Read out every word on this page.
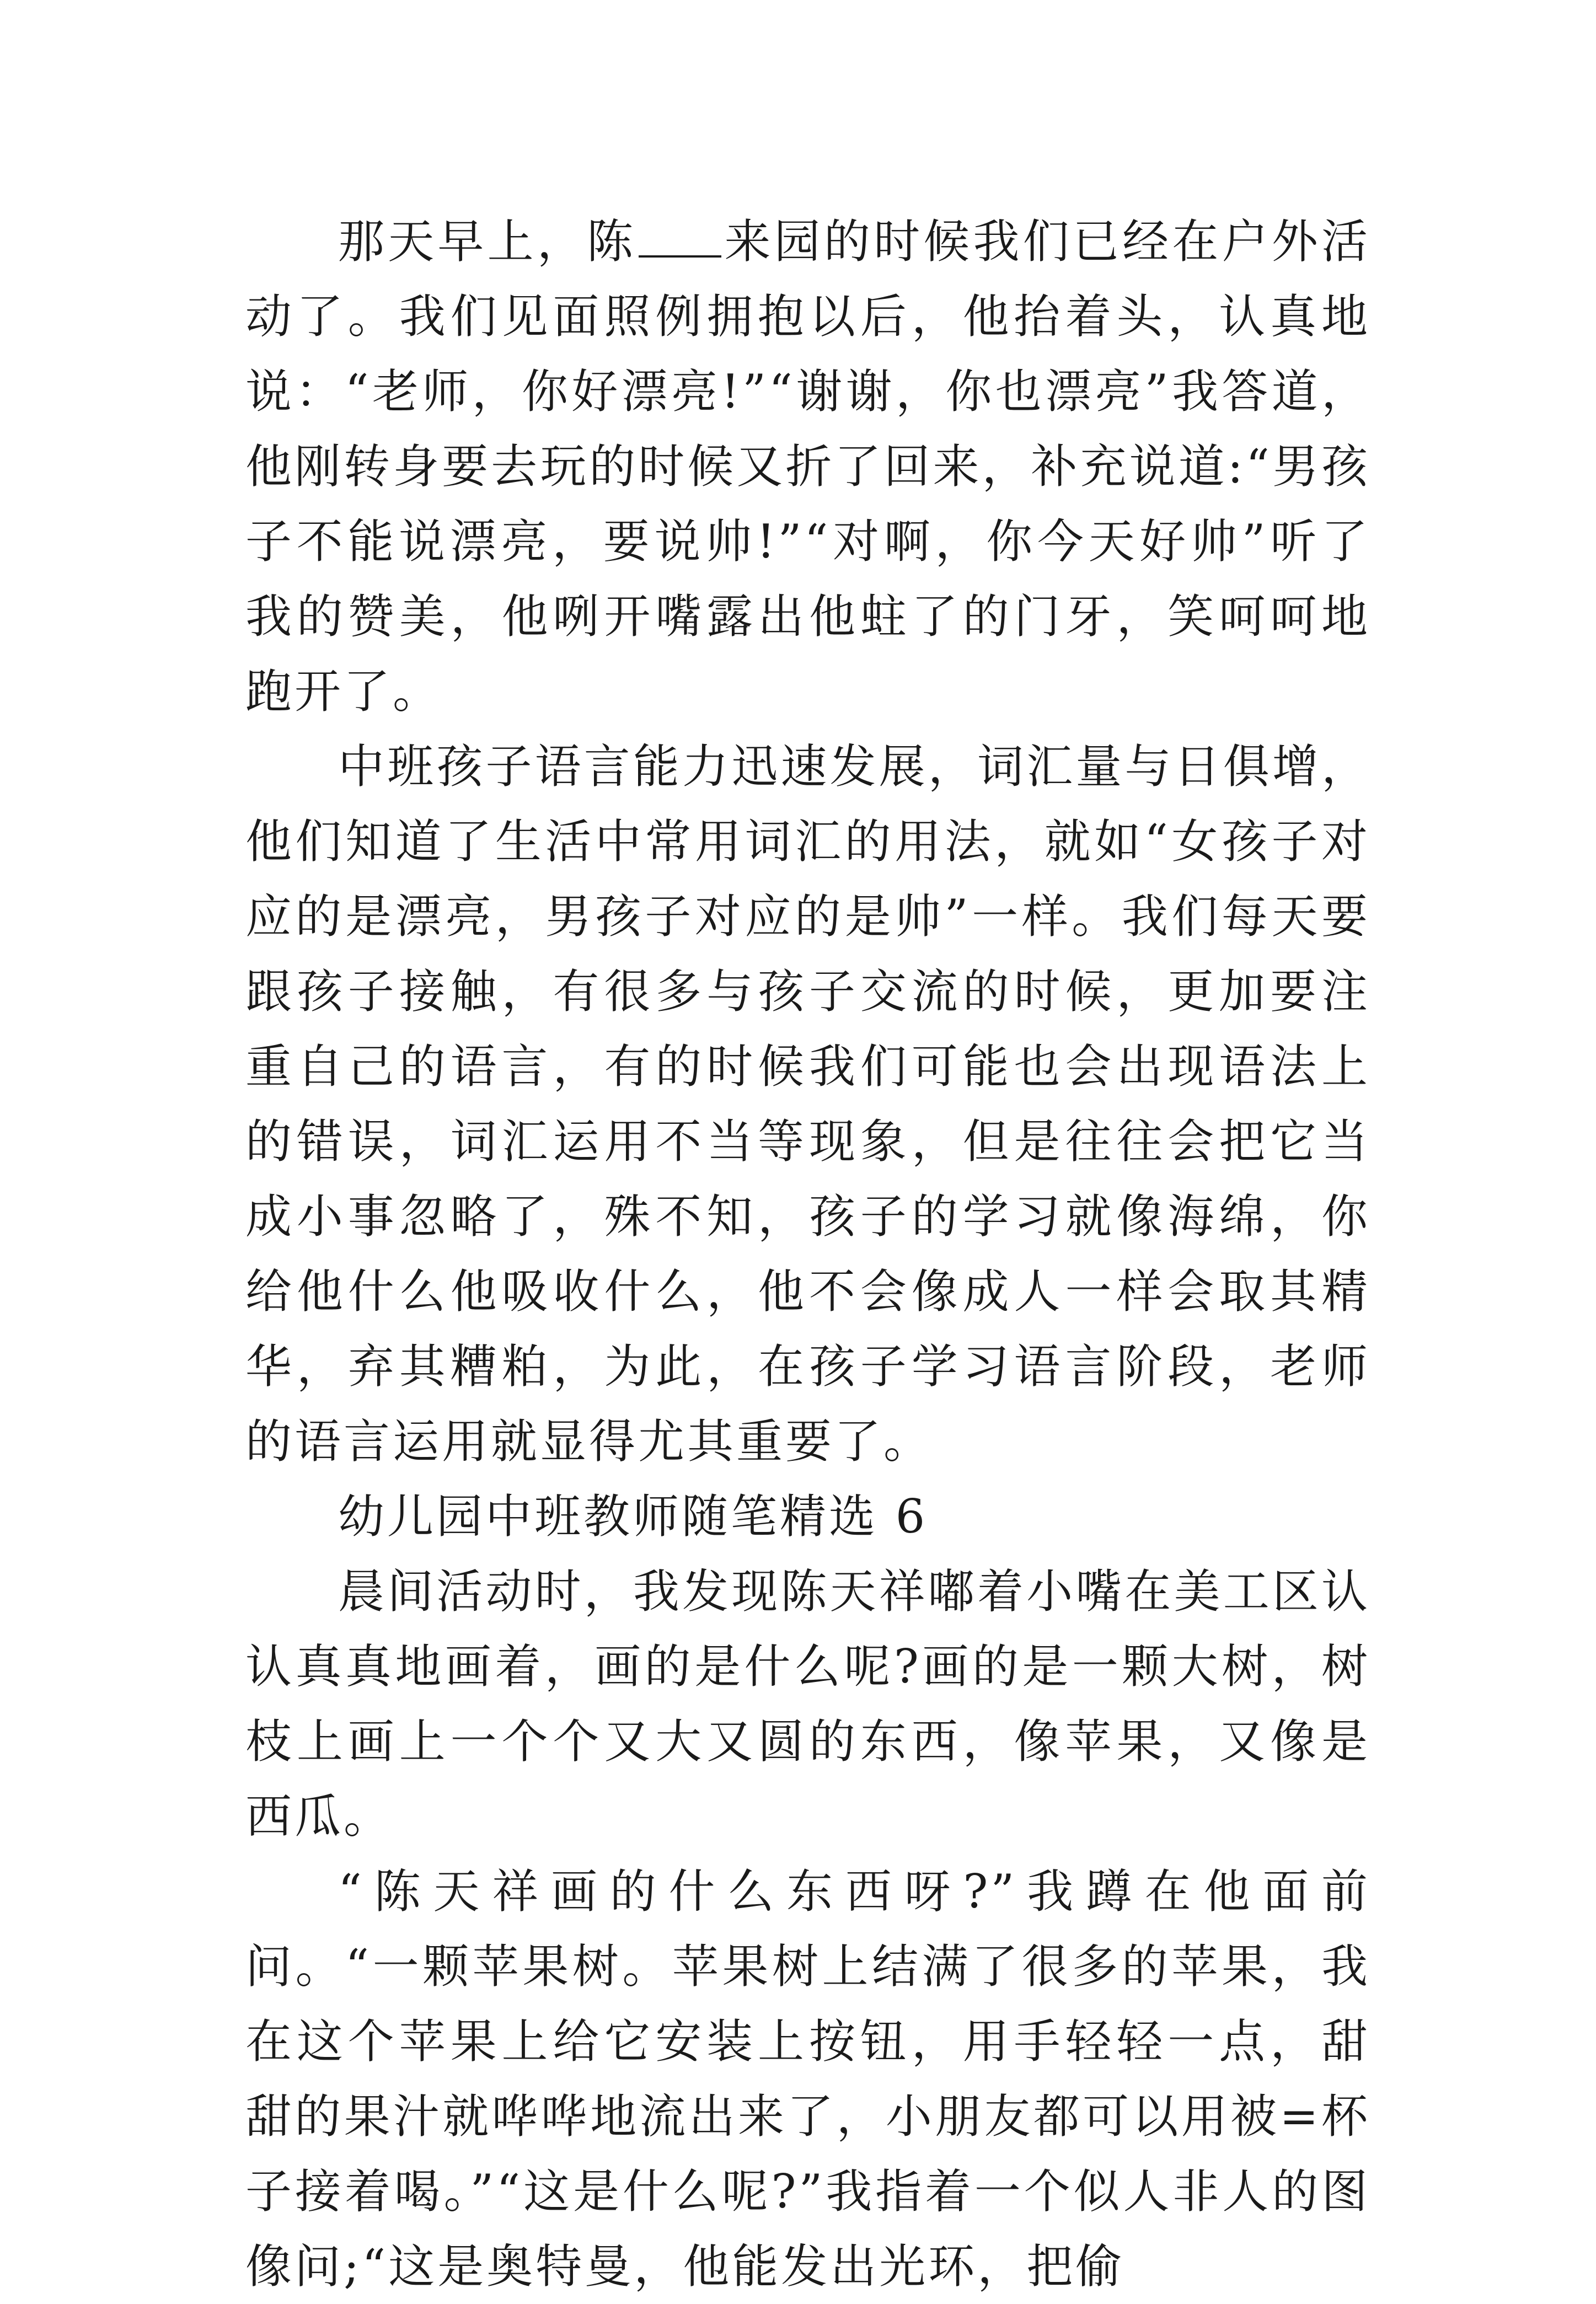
那天早上，陈 来园的时候我们已经在户外活动了。我们见面照例拥抱以后，他抬着头，认真地说：“老师，你好漂亮!”“谢谢，你也漂亮”我答道，他刚转身要去玩的时候又折了回来，补充说道:“男孩子不能说漂亮，要说帅!”“对啊，你今天好帅”听了我的赞美，他咧开嘴露出他蛀了的门牙，笑呵呵地跑开了。

中班孩子语言能力迅速发展，词汇量与日俱增，他们知道了生活中常用词汇的用法，就如“女孩子对应的是漂亮，男孩子对应的是帅”一样。我们每天要跟孩子接触，有很多与孩子交流的时候，更加要注重自己的语言，有的时候我们可能也会出现语法上的错误，词汇运用不当等现象，但是往往会把它当成小事忽略了，殊不知，孩子的学习就像海绵，你给他什么他吸收什么，他不会像成人一样会取其精华，弃其糟粕，为此，在孩子学习语言阶段，老师的语言运用就显得尤其重要了。

幼儿园中班教师随笔精选 6

晨间活动时，我发现陈天祥嘟着小嘴在美工区认认真真地画着，画的是什么呢?画的是一颗大树，树枝上画上一个个又大又圆的东西，像苹果，又像是西瓜。

“陈天祥画的什么东西呀?”我蹲在他面前问。“一颗苹果树。苹果树上结满了很多的苹果，我在这个苹果上给它安装上按钮，用手轻轻一点，甜甜的果汁就哗哗地流出来了，小朋友都可以用被=杯子接着喝。”“这是什么呢?”我指着一个似人非人的图像问;“这是奥特曼，他能发出光环，把偷
